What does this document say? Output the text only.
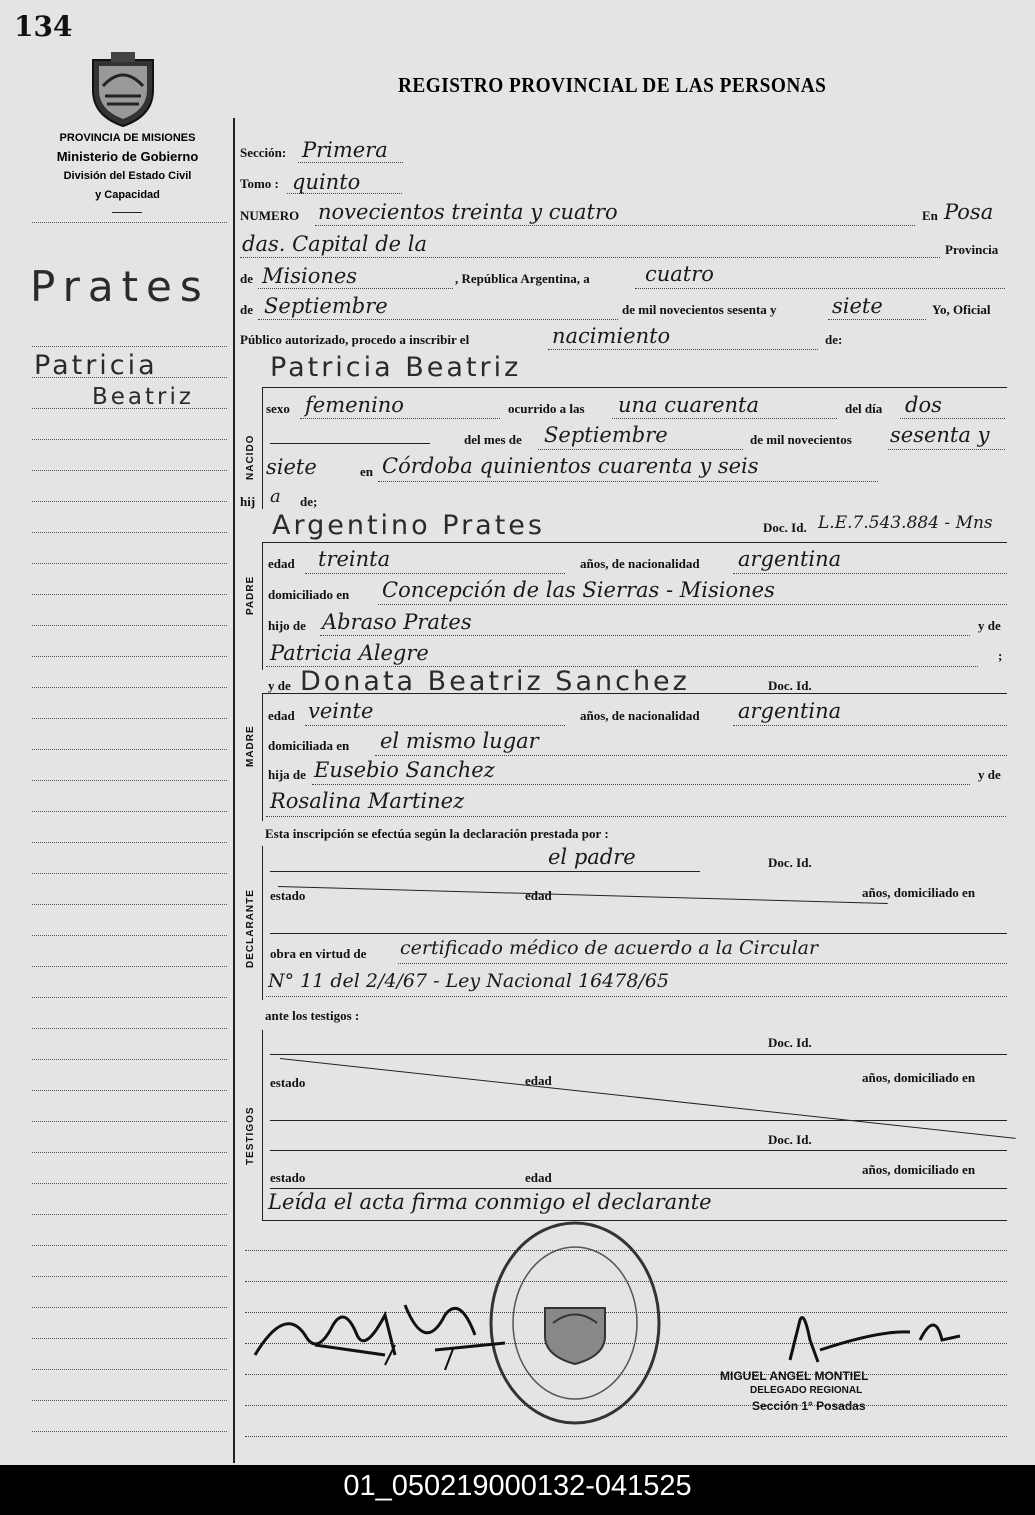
134
PROVINCIA DE MISIONES
Ministerio de Gobierno
División del Estado Civil
y Capacidad
REGISTRO PROVINCIAL DE LAS PERSONAS
Prates
Patricia
Beatriz
Sección: Primera
Tomo : quinto
NUMERO novecientos treinta y cuatro	En Posa
das. Capital de la	Provincia
de Misiones	, República Argentina, a	cuatro
de Septiembre	de mil novecientos sesenta y	siete	Yo, Oficial
Público autorizado, procedo a inscribir el	nacimiento	de:
Patricia Beatriz
sexo femenino	ocurrido a las una cuarenta	del día dos
del mes de Septiembre	de mil novecientos sesenta y
siete	en Córdoba quinientos cuarenta y seis
hij a de;
NACIDO
Argentino Prates	Doc. Id. L.E.7.543.884 - Mns
edad treinta	años, de nacionalidad argentina
domiciliado en Concepción de las Sierras - Misiones
hijo de Abraso Prates	y de
Patricia Alegre	;
PADRE
y de Donata Beatriz Sanchez	Doc. Id.
edad veinte	años, de nacionalidad argentina
domiciliada en el mismo lugar
hija de Eusebio Sanchez	y de
Rosalina Martinez
MADRE
Esta inscripción se efectúa según la declaración prestada por :
el padre	Doc. Id.
estado	edad	años, domiciliado en
obra en virtud de certificado médico de acuerdo a la Circular
N° 11 del 2/4/67 - Ley Nacional 16478/65
DECLARANTE
ante los testigos :
Doc. Id.
estado	edad	años, domiciliado en
Doc. Id.
estado	edad
años, domiciliado en
TESTIGOS
Leída el acta firma conmigo el declarante
MIGUEL ANGEL MONTIEL
DELEGADO REGIONAL
Sección 1° Posadas
01_050219000132-041525
